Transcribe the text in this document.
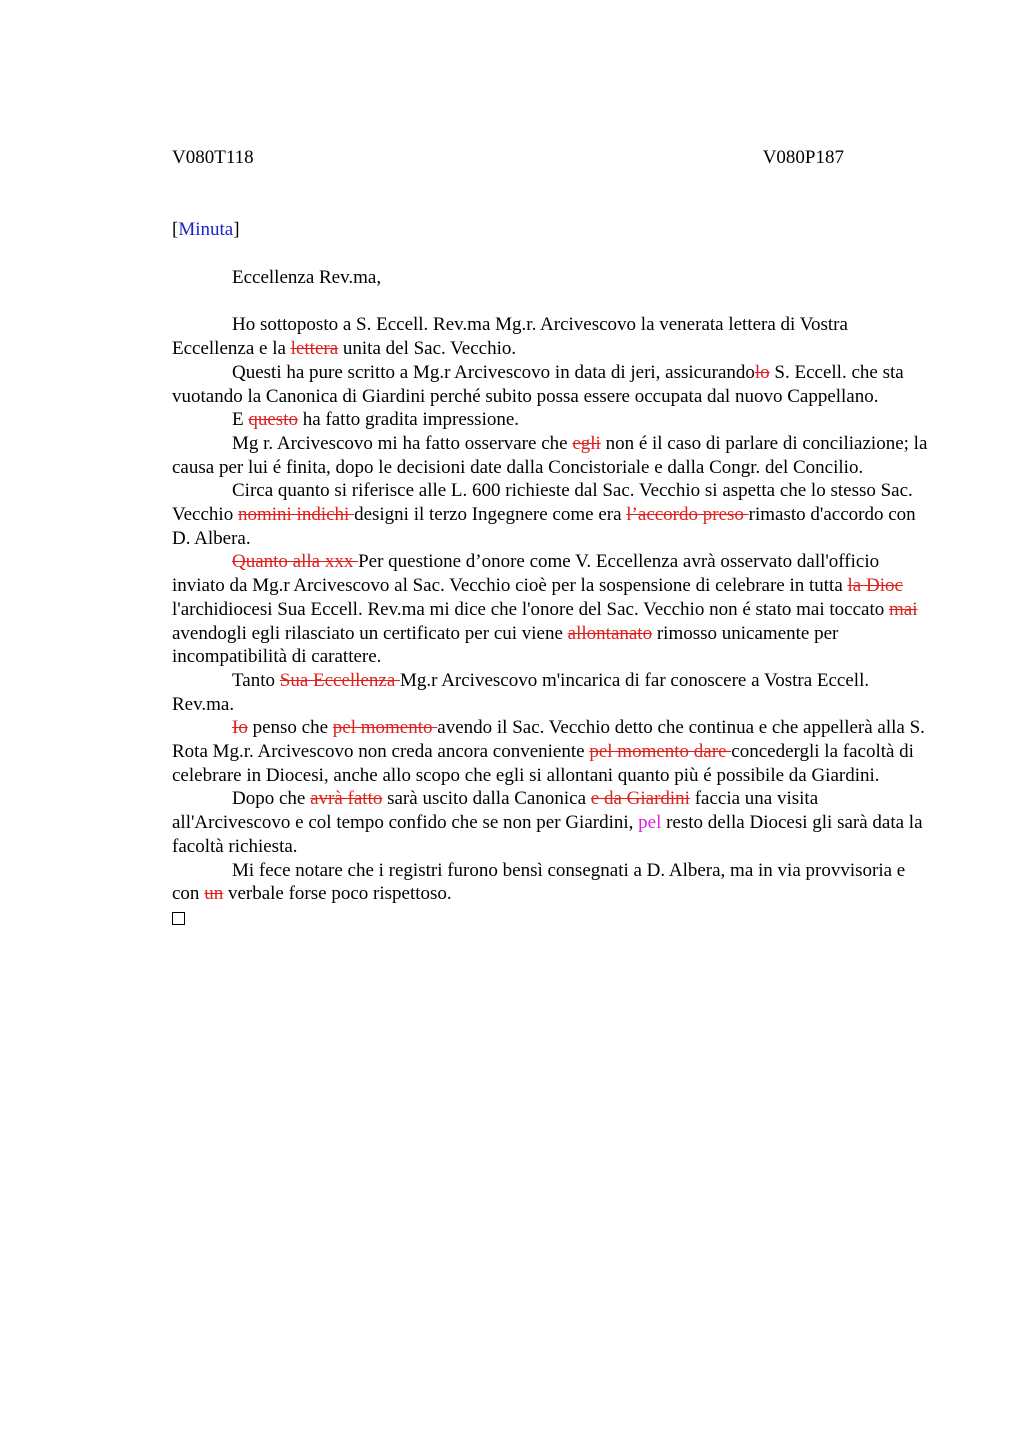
V080T118	V080P187
[Minuta]
Eccellenza Rev.ma,

Ho sottoposto a S. Eccell. Rev.ma Mg.r. Arcivescovo la venerata lettera di Vostra Eccellenza e la lettera unita del Sac. Vecchio.

Questi ha pure scritto a Mg.r Arcivescovo in data di jeri, assicurandolo S. Eccell. che sta vuotando la Canonica di Giardini perché subito possa essere occupata dal nuovo Cappellano.

E questo ha fatto gradita impressione.

Mg r. Arcivescovo mi ha fatto osservare che egli non é il caso di parlare di conciliazione; la causa per lui é finita, dopo le decisioni date dalla Concistoriale e dalla Congr. del Concilio.

Circa quanto si riferisce alle L. 600 richieste dal Sac. Vecchio si aspetta che lo stesso Sac. Vecchio nomini indichi designi il terzo Ingegnere come era l’accordo preso rimasto d'accordo con D. Albera.

Quanto alla xxx Per questione d’onore come V. Eccellenza avrà osservato dall'officio inviato da Mg.r Arcivescovo al Sac. Vecchio cioè per la sospensione di celebrare in tutta la Dioc l'archidiocesi Sua Eccell. Rev.ma mi dice che l'onore del Sac. Vecchio non é stato mai toccato mai avendogli egli rilasciato un certificato per cui viene allontanato rimosso unicamente per incompatibilità di carattere.

Tanto Sua Eccellenza Mg.r Arcivescovo m'incarica di far conoscere a Vostra Eccell. Rev.ma.

Io penso che pel momento avendo il Sac. Vecchio detto che continua e che appellerà alla S. Rota Mg.r. Arcivescovo non creda ancora conveniente pel momento dare concedergli la facoltà di celebrare in Diocesi, anche allo scopo che egli si allontani quanto più é possibile da Giardini.

Dopo che avrà fatto sarà uscito dalla Canonica e da Giardini faccia una visita all'Arcivescovo e col tempo confido che se non per Giardini, pel resto della Diocesi gli sarà data la facoltà richiesta.

Mi fece notare che i registri furono bensì consegnati a D. Albera, ma in via provvisoria e con un verbale forse poco rispettoso.
